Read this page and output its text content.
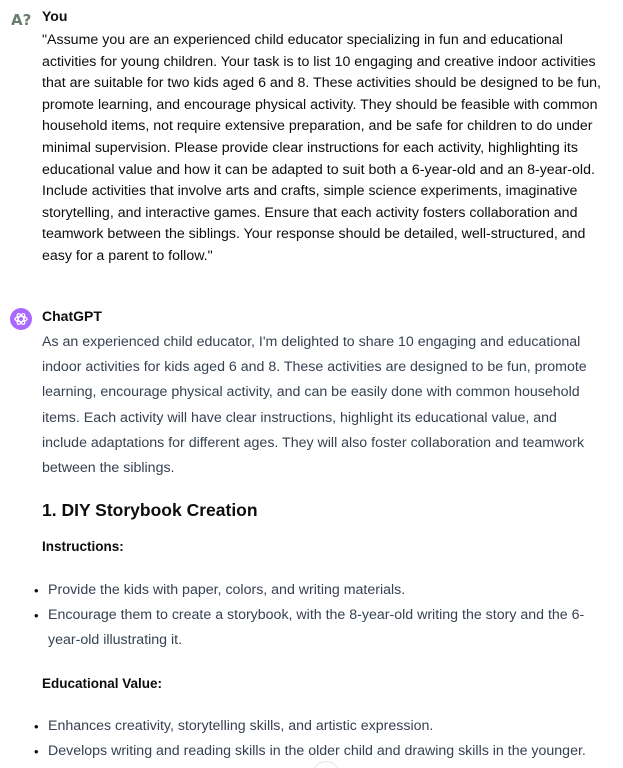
A? You
"Assume you are an experienced child educator specializing in fun and educational activities for young children. Your task is to list 10 engaging and creative indoor activities that are suitable for two kids aged 6 and 8. These activities should be designed to be fun, promote learning, and encourage physical activity. They should be feasible with common household items, not require extensive preparation, and be safe for children to do under minimal supervision. Please provide clear instructions for each activity, highlighting its educational value and how it can be adapted to suit both a 6-year-old and an 8-year-old. Include activities that involve arts and crafts, simple science experiments, imaginative storytelling, and interactive games. Ensure that each activity fosters collaboration and teamwork between the siblings. Your response should be detailed, well-structured, and easy for a parent to follow."
ChatGPT
As an experienced child educator, I'm delighted to share 10 engaging and educational indoor activities for kids aged 6 and 8. These activities are designed to be fun, promote learning, encourage physical activity, and can be easily done with common household items. Each activity will have clear instructions, highlight its educational value, and include adaptations for different ages. They will also foster collaboration and teamwork between the siblings.
1. DIY Storybook Creation
Instructions:
• Provide the kids with paper, colors, and writing materials.
• Encourage them to create a storybook, with the 8-year-old writing the story and the 6-year-old illustrating it.
Educational Value:
• Enhances creativity, storytelling skills, and artistic expression.
• Develops writing and reading skills in the older child and drawing skills in the younger.
